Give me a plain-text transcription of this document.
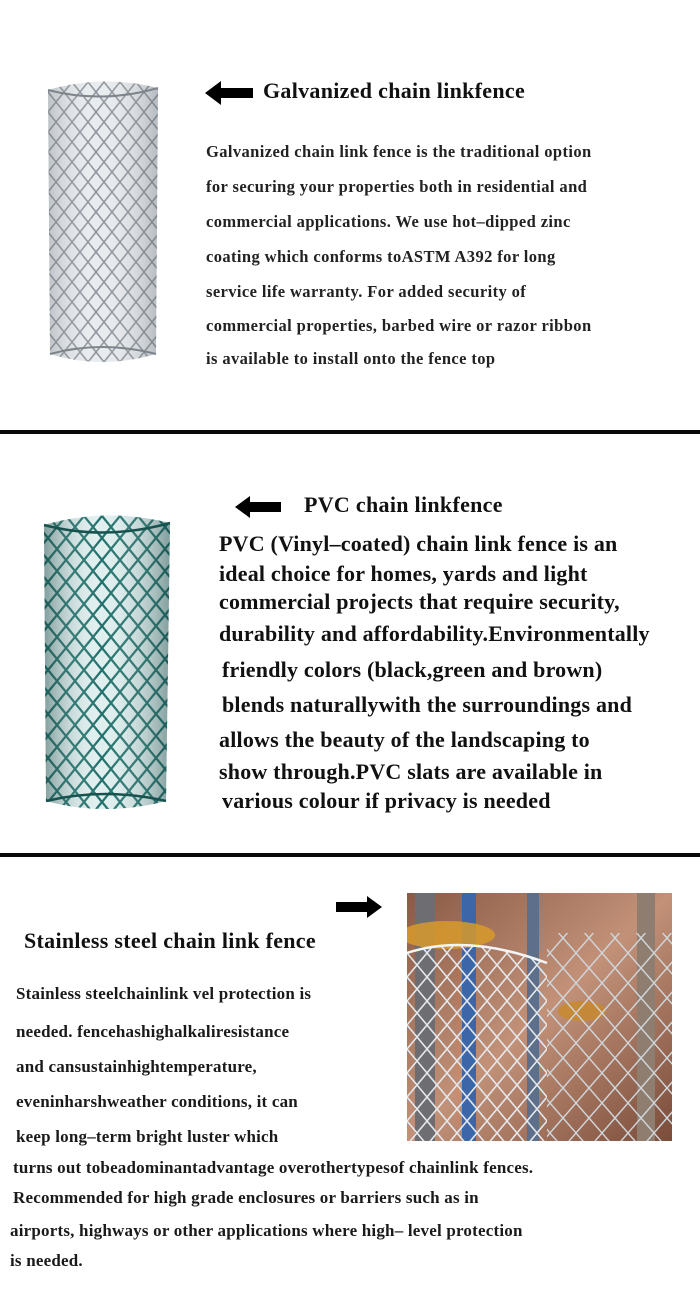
Galvanized chain linkfence
Galvanized chain link fence is the traditional option
for securing your properties both in residential and
commercial applications. We use hot–dipped zinc
coating which conforms toASTM A392 for long
service life warranty. For added security of
commercial properties, barbed wire or razor ribbon
is available to install onto the fence top
PVC chain linkfence
PVC (Vinyl–coated) chain link fence is an
ideal choice for homes, yards and light
commercial projects that require security,
durability and affordability.Environmentally
friendly colors (black,green and brown)
blends naturallywith the surroundings and
allows the beauty of the landscaping to
show through.PVC slats are available in
various colour if privacy is needed
Stainless steel chain link fence
Stainless steelchainlink vel protection is
needed. fencehashighalkaliresistance
and cansustainhightemperature,
eveninharshweather conditions, it can
keep long–term bright luster which
turns out tobeadominantadvantage overothertypesof chainlink fences.
Recommended for high grade enclosures or barriers such as in
airports, highways or other applications where high– level protection
is needed.
